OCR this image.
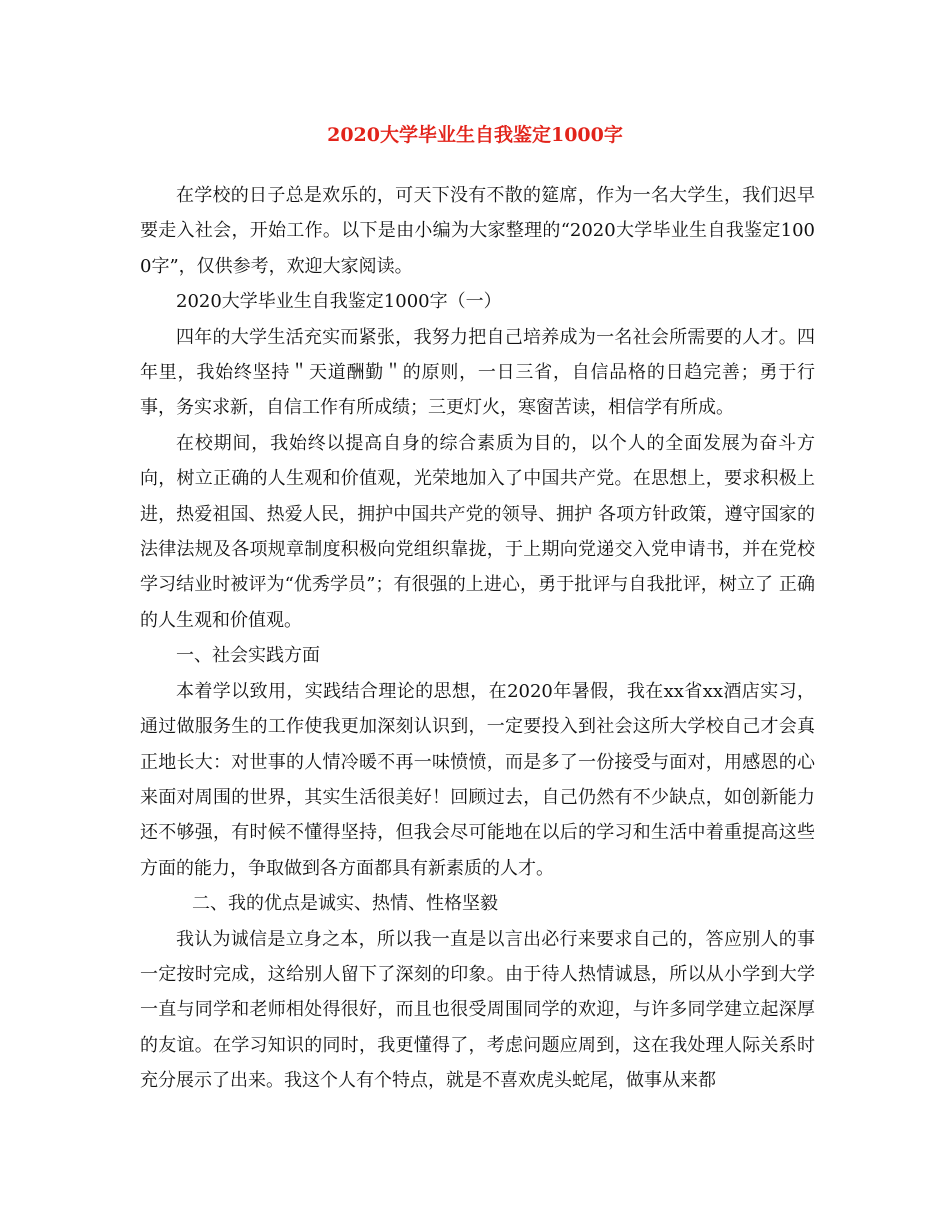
2020大学毕业生自我鉴定1000字

在学校的日子总是欢乐的，可天下没有不散的筵席，作为一名大学生，我们迟早要走入社会，开始工作。以下是由小编为大家整理的“2020大学毕业生自我鉴定1000字”，仅供参考，欢迎大家阅读。

2020大学毕业生自我鉴定1000字（一）

四年的大学生活充实而紧张，我努力把自己培养成为一名社会所需要的人才。四年里，我始终坚持＂天道酬勤＂的原则，一日三省，自信品格的日趋完善；勇于行事，务实求新，自信工作有所成绩；三更灯火，寒窗苦读，相信学有所成。

在校期间，我始终以提高自身的综合素质为目的，以个人的全面发展为奋斗方向，树立正确的人生观和价值观，光荣地加入了中国共产党。在思想上，要求积极上进，热爱祖国、热爱人民，拥护中国共产党的领导、拥护 各项方针政策，遵守国家的法律法规及各项规章制度积极向党组织靠拢，于上期向党递交入党申请书，并在党校学习结业时被评为“优秀学员”；有很强的上进心，勇于批评与自我批评，树立了 正确的人生观和价值观。

一、社会实践方面

本着学以致用，实践结合理论的思想，在2020年暑假，我在xx省xx酒店实习，通过做服务生的工作使我更加深刻认识到，一定要投入到社会这所大学校自己才会真正地长大：对世事的人情冷暖不再一味愤愤，而是多了一份接受与面对，用感恩的心来面对周围的世界，其实生活很美好！回顾过去，自己仍然有不少缺点，如创新能力还不够强，有时候不懂得坚持，但我会尽可能地在以后的学习和生活中着重提高这些方面的能力，争取做到各方面都具有新素质的人才。

二、我的优点是诚实、热情、性格坚毅

我认为诚信是立身之本，所以我一直是以言出必行来要求自己的，答应别人的事一定按时完成，这给别人留下了深刻的印象。由于待人热情诚恳，所以从小学到大学一直与同学和老师相处得很好，而且也很受周围同学的欢迎，与许多同学建立起深厚的友谊。在学习知识的同时，我更懂得了，考虑问题应周到，这在我处理人际关系时充分展示了出来。我这个人有个特点，就是不喜欢虎头蛇尾，做事从来都
